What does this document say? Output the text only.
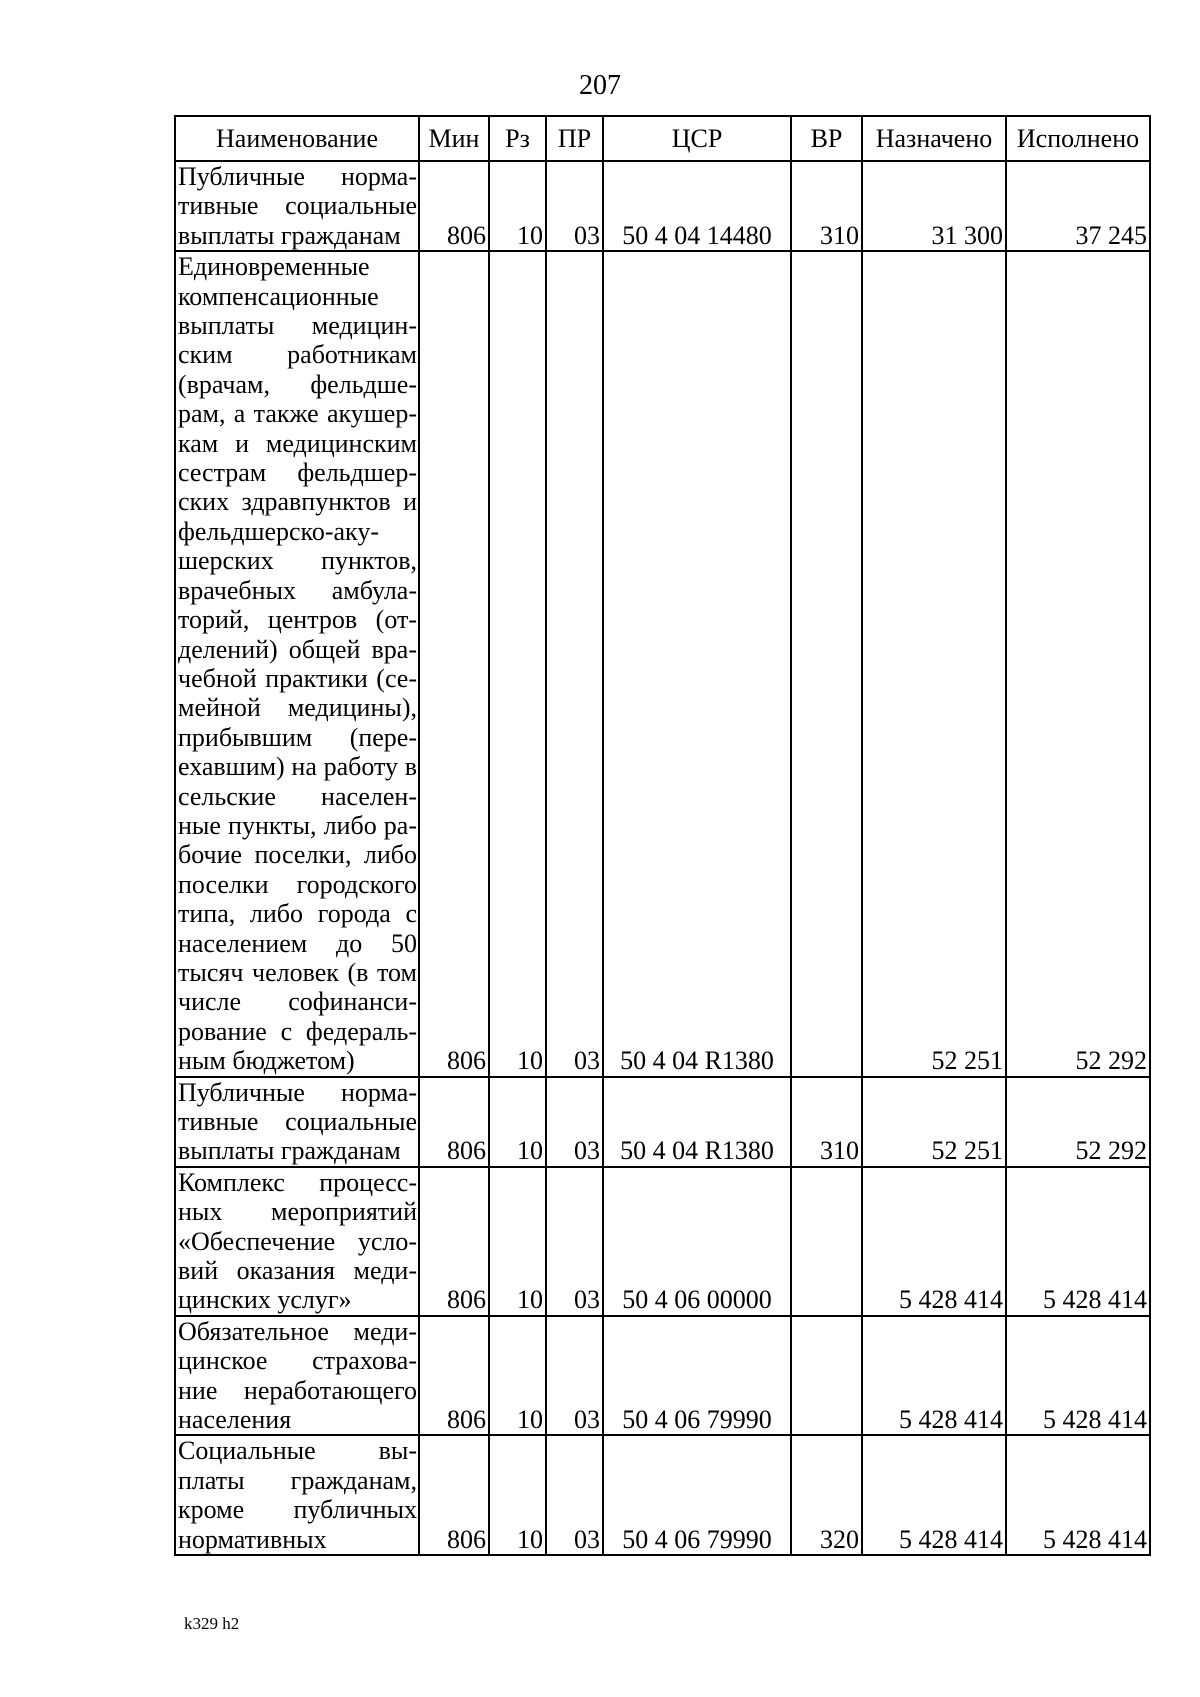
207
Наименование	Мин	Рз	ПР	ЦСР	ВР	Назначено	Исполнено
Публичные норма- тивные социальные выплаты гражданам	806	10	03	50 4 04 14480	310	31 300	37 245
Единовременные компенсационные выплаты медицин- ским работникам (врачам, фельдше- рам, а также акушер- кам и медицинским сестрам фельдшер- ских здравпунктов и фельдшерско-аку- шерских пунктов, врачебных амбула- торий, центров (от- делений) общей вра- чебной практики (се- мейной медицины), прибывшим (пере- ехавшим) на работу в сельские населен- ные пункты, либо ра- бочие поселки, либо поселки городского типа, либо города с населением до 50 тысяч человек (в том числе софинанси- рование с федераль- ным бюджетом)	806	10	03	50 4 04 R1380		52 251	52 292
Публичные норма- тивные социальные выплаты гражданам	806	10	03	50 4 04 R1380	310	52 251	52 292
Комплекс процесс- ных мероприятий «Обеспечение усло- вий оказания меди- цинских услуг»	806	10	03	50 4 06 00000		5 428 414	5 428 414
Обязательное меди- цинское страхова- ние неработающего населения	806	10	03	50 4 06 79990		5 428 414	5 428 414
Социальные вы- платы гражданам, кроме публичных нормативных	806	10	03	50 4 06 79990	320	5 428 414	5 428 414
k329 h2
